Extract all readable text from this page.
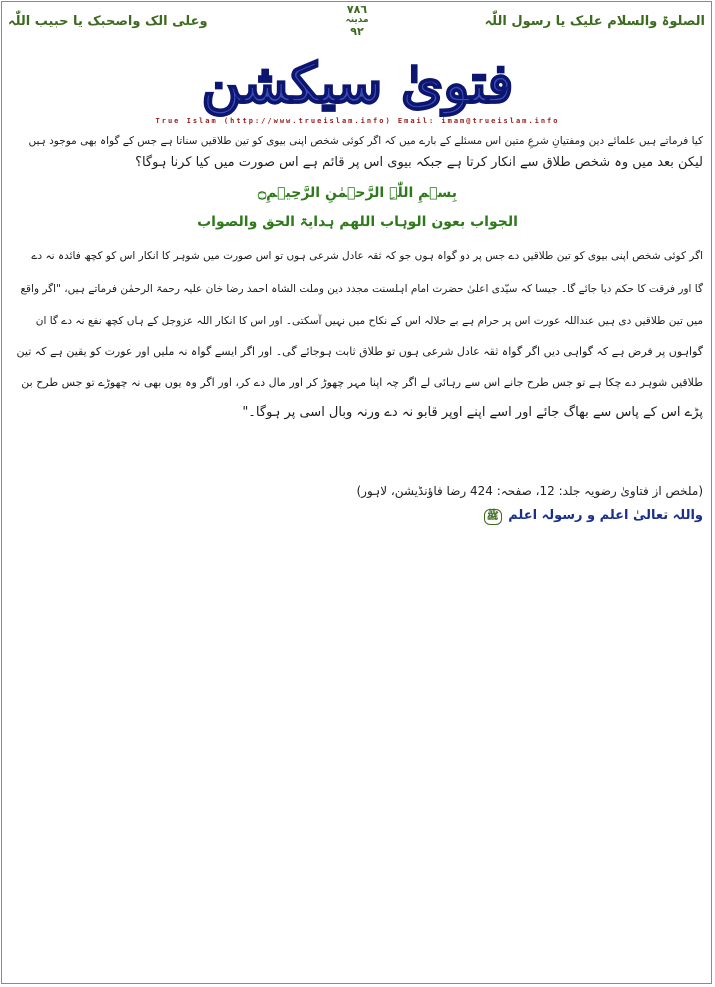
الصلوۃ والسلام علیک یا رسول اللّٰہ
٧٨٦
مدینہ
٩٢
وعلی الک واصحبک یا حبیب اللّٰہ
فتویٰ سیکشن
True Islam (http://www.trueislam.info) Email: imam@trueislam.info
کیا فرماتے ہیں علمائے دین ومفتیانِ شرعِ متین اس مسئلے کے بارے میں کہ اگر کوئی شخص اپنی بیوی کو تین طلاقیں سناتا ہے جس کے گواہ بھی موجود ہیں
لیکن بعد میں وہ شخص طلاق سے انکار کرتا ہے جبکہ بیوی اس پر قائم ہے اس صورت میں کیا کرنا ہوگا؟
بِسۡمِ اللّٰہِ الرَّحۡمٰنِ الرَّحِیۡمِ۝
الجواب بعون الوہاب اللھم ہدایۃ الحق والصواب
اگر کوئی شخص اپنی بیوی کو تین طلاقیں دے جس پر دو گواہ ہوں جو کہ ثقہ عادل شرعی ہوں تو اس صورت میں شوہر کا انکار اس کو کچھ فائدہ نہ دے
گا اور فرقت کا حکم دیا جائے گا۔ جیسا کہ سیّدی اعلیٰ حضرت امام اہلسنت مجدد دین وملت الشاہ احمد رضا خان علیہ رحمۃ الرحمٰن فرماتے ہیں، "اگر واقع
میں تین طلاقیں دی ہیں عنداللہ عورت اس پر حرام ہے بے حلالہ اس کے نکاح میں نہیں آسکتی۔ اور اس کا انکار اللہ عزوجل کے ہاں کچھ نفع نہ دے گا ان
گواہوں پر فرض ہے کہ گواہی دیں اگر گواہ ثقہ عادل شرعی ہوں تو طلاق ثابت ہوجائے گی۔ اور اگر ایسے گواہ نہ ملیں اور عورت کو یقین ہے کہ تین
طلاقیں شوہر دے چکا ہے تو جس طرح جانے اس سے رہائی لے اگر چہ اپنا مہر چھوڑ کر اور مال دے کر، اور اگر وہ یوں بھی نہ چھوڑے تو جس طرح بن
پڑے اس کے پاس سے بھاگ جائے اور اسے اپنے اوپر قابو نہ دے ورنہ وبال اسی پر ہوگا۔"
(ملخص از فتاویٰ رضویہ جلد: 12، صفحہ: 424 رضا فاؤنڈیشن، لاہور)
واللہ تعالیٰ اعلم و رسولہ اعلم ﷺ
